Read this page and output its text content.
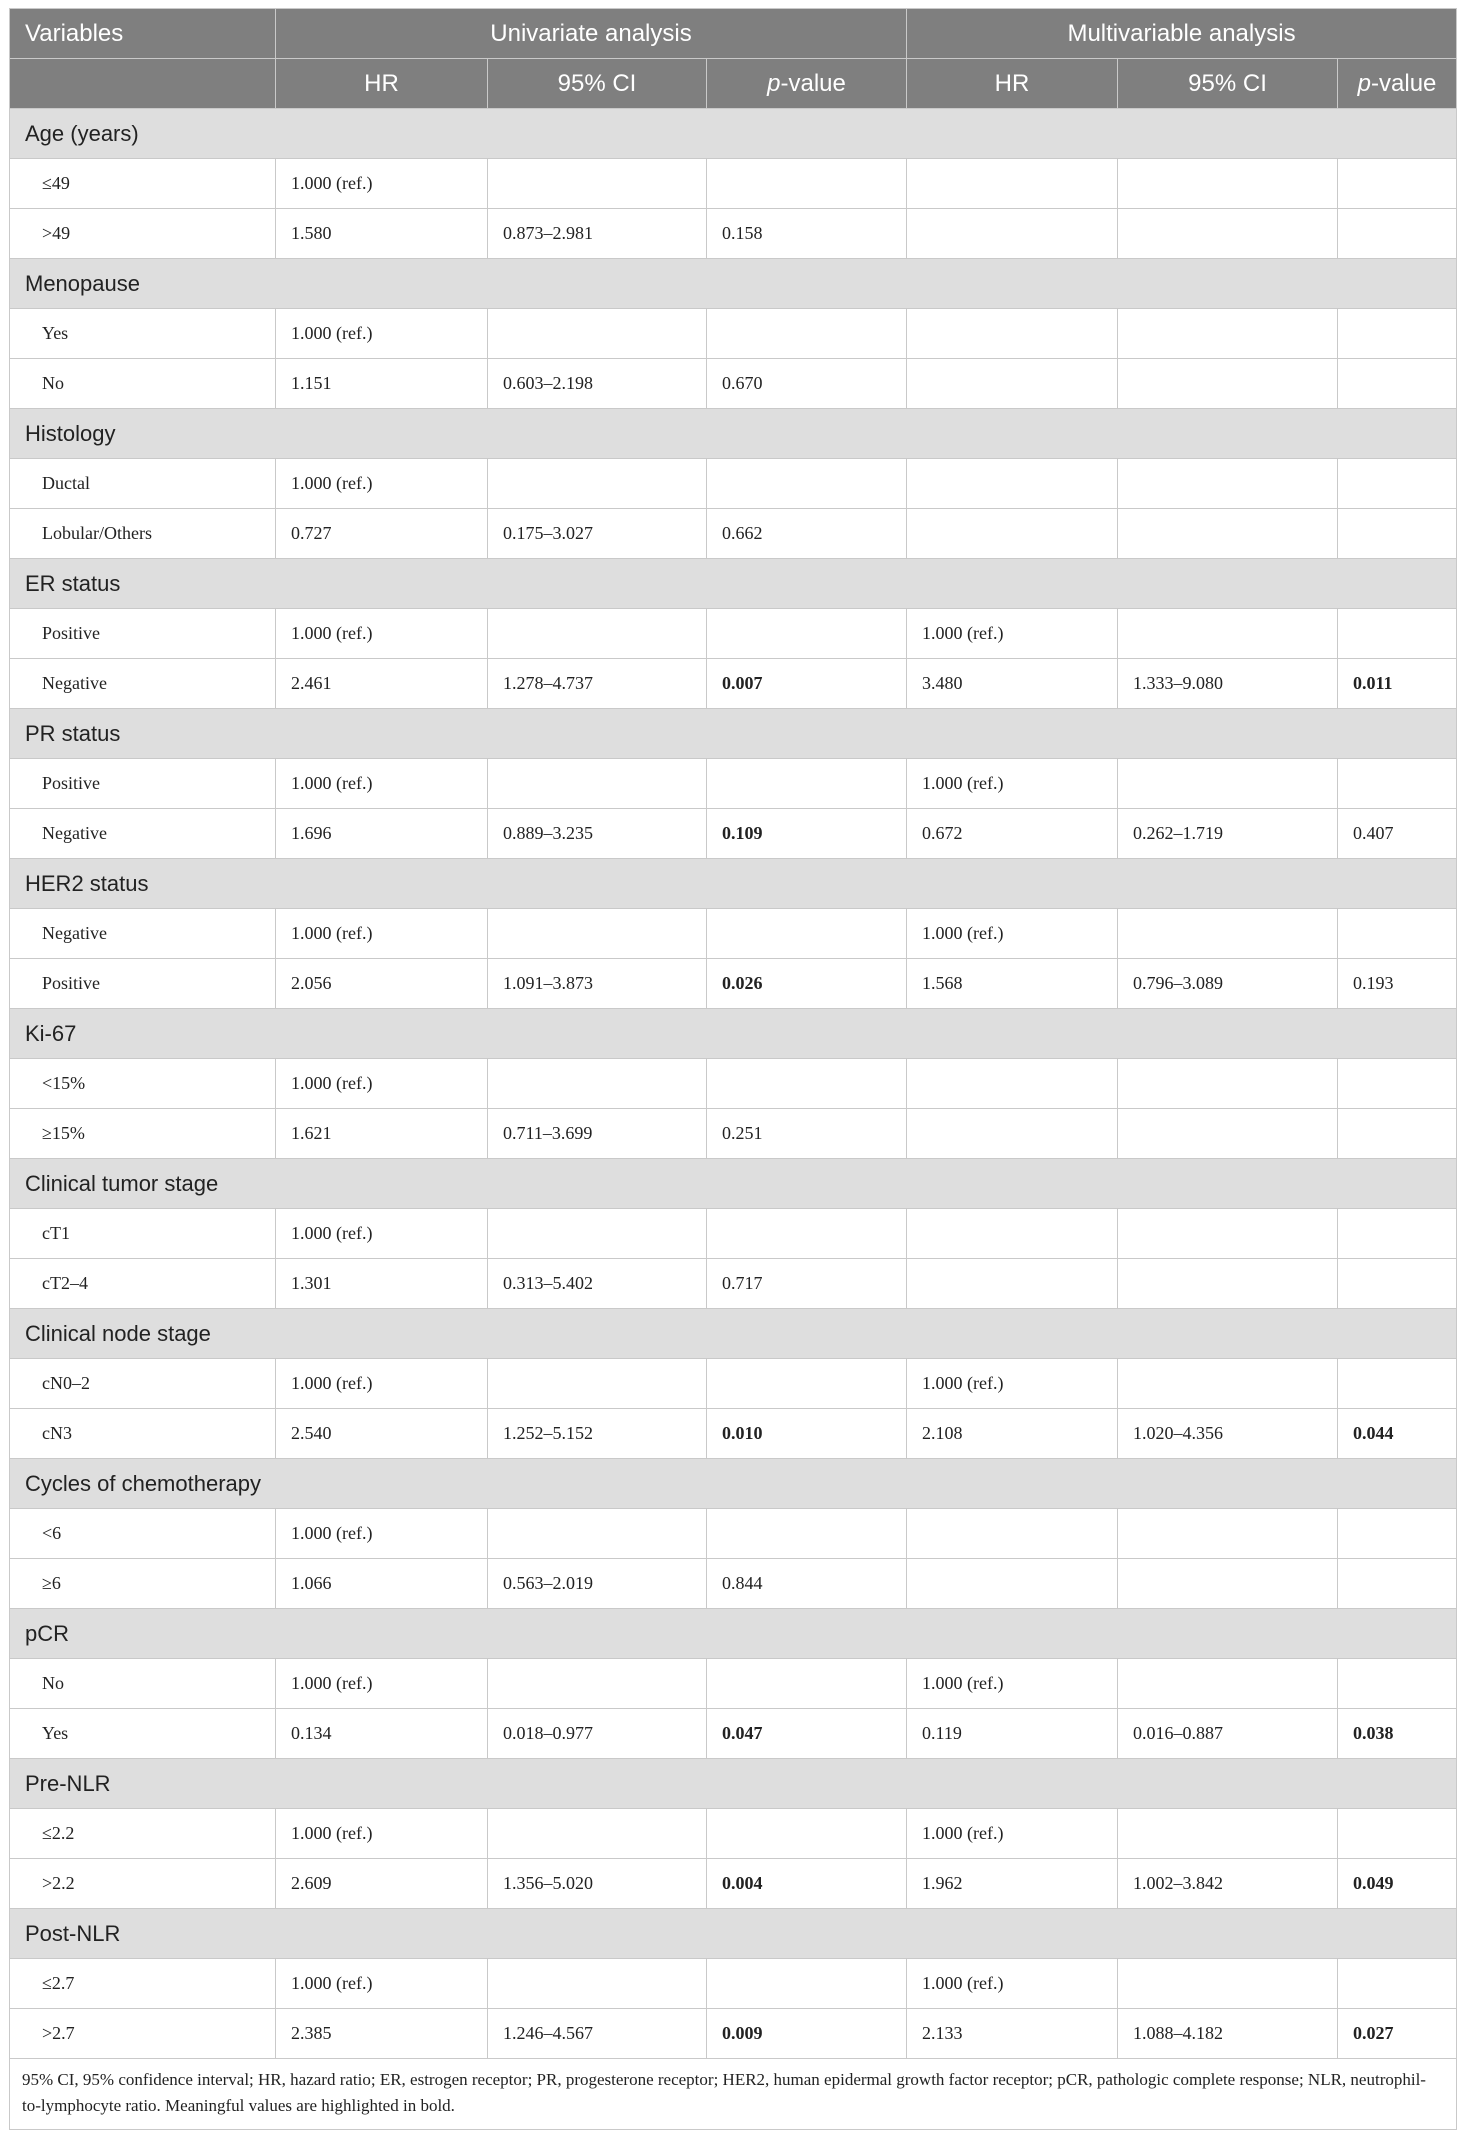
Variables	Univariate analysis			Multivariable analysis		
	HR	95% CI	p-value	HR	95% CI	p-value
Age (years)						
≤49	1.000 (ref.)					
>49	1.580	0.873–2.981	0.158			
Menopause						
Yes	1.000 (ref.)					
No	1.151	0.603–2.198	0.670			
Histology						
Ductal	1.000 (ref.)					
Lobular/Others	0.727	0.175–3.027	0.662			
ER status						
Positive	1.000 (ref.)			1.000 (ref.)		
Negative	2.461	1.278–4.737	0.007	3.480	1.333–9.080	0.011
PR status						
Positive	1.000 (ref.)			1.000 (ref.)		
Negative	1.696	0.889–3.235	0.109	0.672	0.262–1.719	0.407
HER2 status						
Negative	1.000 (ref.)			1.000 (ref.)		
Positive	2.056	1.091–3.873	0.026	1.568	0.796–3.089	0.193
Ki-67						
<15%	1.000 (ref.)					
≥15%	1.621	0.711–3.699	0.251			
Clinical tumor stage						
cT1	1.000 (ref.)					
cT2–4	1.301	0.313–5.402	0.717			
Clinical node stage						
cN0–2	1.000 (ref.)			1.000 (ref.)		
cN3	2.540	1.252–5.152	0.010	2.108	1.020–4.356	0.044
Cycles of chemotherapy						
<6	1.000 (ref.)					
≥6	1.066	0.563–2.019	0.844			
pCR						
No	1.000 (ref.)			1.000 (ref.)		
Yes	0.134	0.018–0.977	0.047	0.119	0.016–0.887	0.038
Pre-NLR						
≤2.2	1.000 (ref.)			1.000 (ref.)		
>2.2	2.609	1.356–5.020	0.004	1.962	1.002–3.842	0.049
Post-NLR						
≤2.7	1.000 (ref.)			1.000 (ref.)		
>2.7	2.385	1.246–4.567	0.009	2.133	1.088–4.182	0.027
95% CI, 95% confidence interval; HR, hazard ratio; ER, estrogen receptor; PR, progesterone receptor; HER2, human epidermal growth factor receptor; pCR, pathologic complete response; NLR, neutrophil-to-lymphocyte ratio. Meaningful values are highlighted in bold.						
